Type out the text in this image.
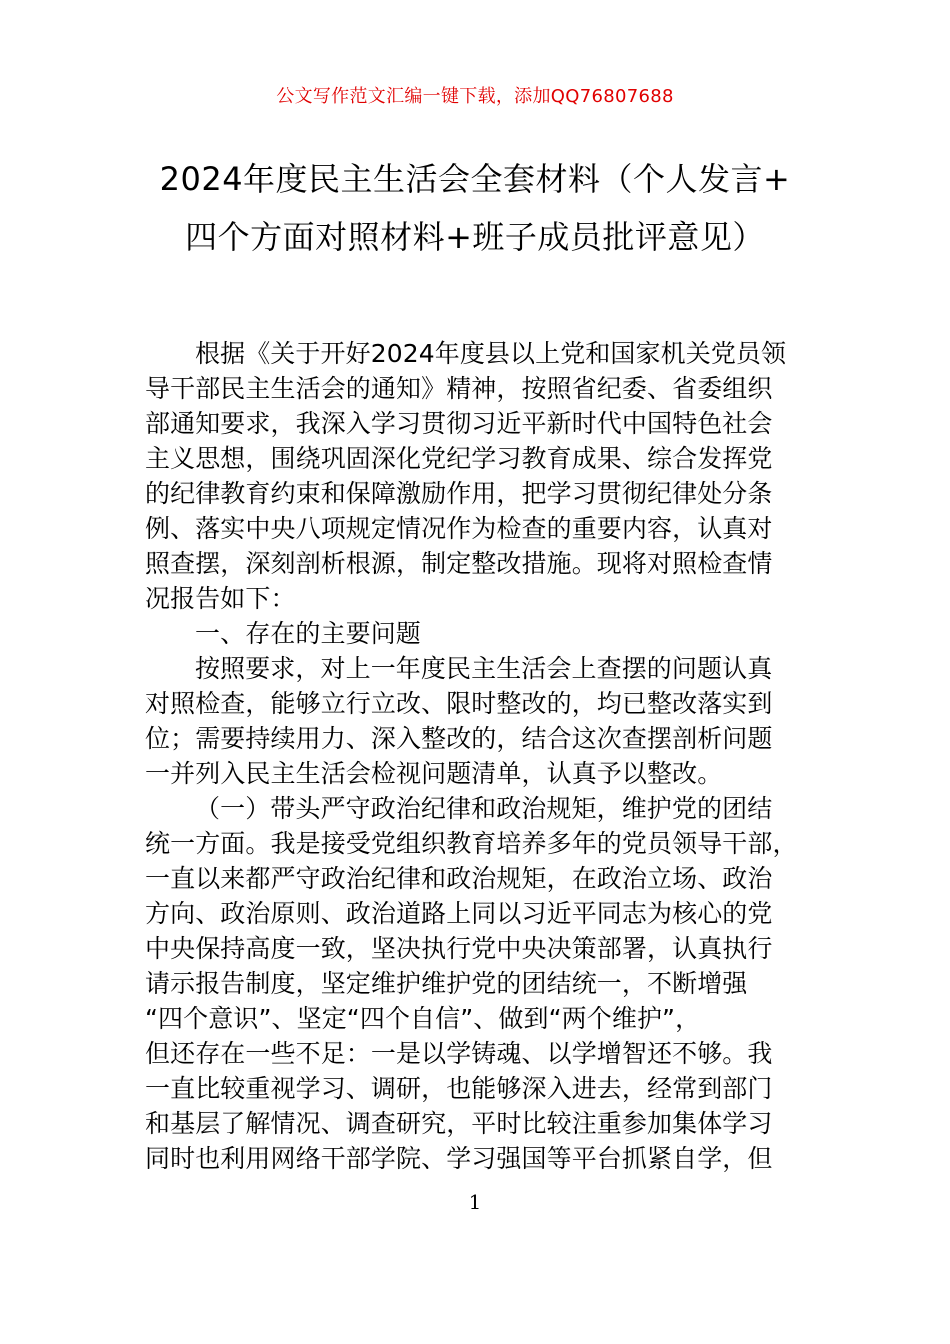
公文写作范文汇编一键下载，添加QQ76807688
2024年度民主生活会全套材料（个人发言+
四个方面对照材料+班子成员批评意见）
根据《关于开好2024年度县以上党和国家机关党员领
导干部民主生活会的通知》精神，按照省纪委、省委组织
部通知要求，我深入学习贯彻习近平新时代中国特色社会
主义思想，围绕巩固深化党纪学习教育成果、综合发挥党
的纪律教育约束和保障激励作用，把学习贯彻纪律处分条
例、落实中央八项规定情况作为检查的重要内容，认真对
照查摆，深刻剖析根源，制定整改措施。现将对照检查情
况报告如下：
一、存在的主要问题
按照要求，对上一年度民主生活会上查摆的问题认真
对照检查，能够立行立改、限时整改的，均已整改落实到
位；需要持续用力、深入整改的，结合这次查摆剖析问题
一并列入民主生活会检视问题清单，认真予以整改。
（一）带头严守政治纪律和政治规矩，维护党的团结
统一方面。我是接受党组织教育培养多年的党员领导干部，
一直以来都严守政治纪律和政治规矩，在政治立场、政治
方向、政治原则、政治道路上同以习近平同志为核心的党
中央保持高度一致，坚决执行党中央决策部署，认真执行
请示报告制度，坚定维护维护党的团结统一，不断增强
“四个意识”、坚定“四个自信”、做到“两个维护”，
但还存在一些不足：一是以学铸魂、以学增智还不够。我
一直比较重视学习、调研，也能够深入进去，经常到部门
和基层了解情况、调查研究，平时比较注重参加集体学习
同时也利用网络干部学院、学习强国等平台抓紧自学，但
1
